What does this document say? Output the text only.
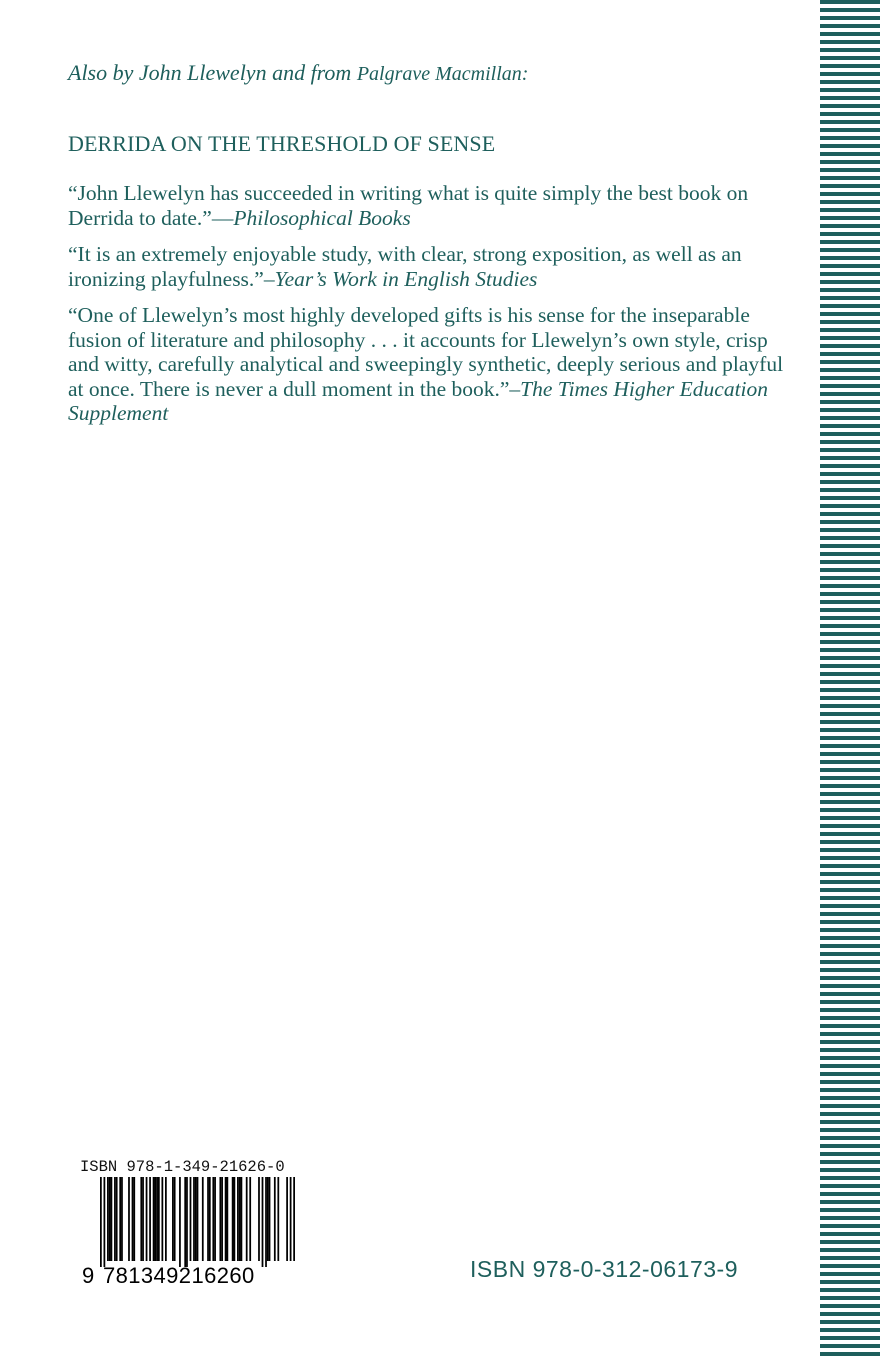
Also by John Llewelyn and from Palgrave Macmillan:
DERRIDA ON THE THRESHOLD OF SENSE
“John Llewelyn has succeeded in writing what is quite simply the best book on Derrida to date.”—Philosophical Books
“It is an extremely enjoyable study, with clear, strong exposition, as well as an ironizing playfulness.”–Year’s Work in English Studies
“One of Llewelyn’s most highly developed gifts is his sense for the inseparable fusion of literature and philosophy . . . it accounts for Llewelyn’s own style, crisp and witty, carefully analytical and sweepingly synthetic, deeply serious and playful at once. There is never a dull moment in the book.”–The Times Higher Education Supplement
ISBN 978-1-349-21626-0
9 781349216260	ISBN 978-0-312-06173-9
